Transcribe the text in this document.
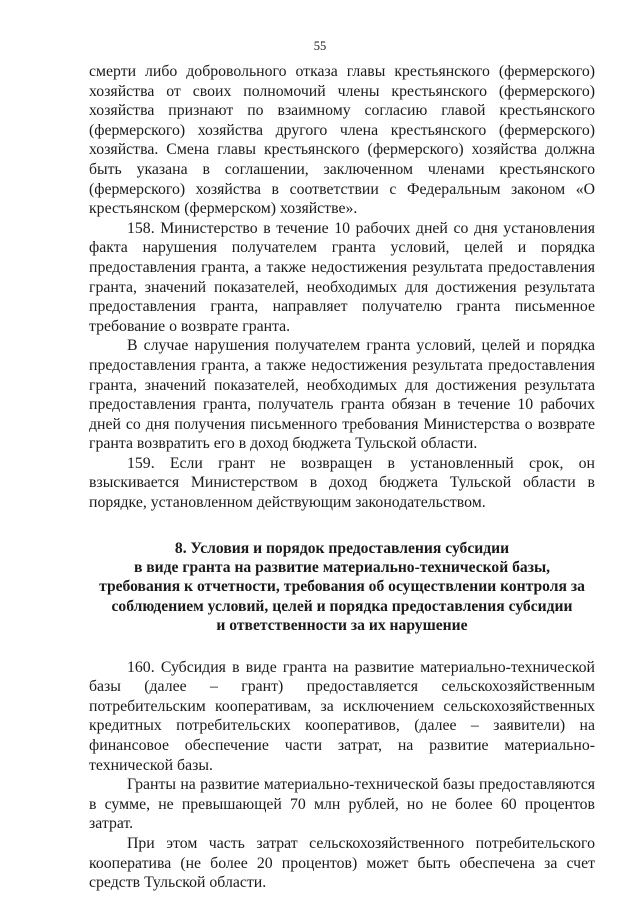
55

смерти либо добровольного отказа главы крестьянского (фермерского) хозяйства от своих полномочий члены крестьянского (фермерского) хозяйства признают по взаимному согласию главой крестьянского (фермерского) хозяйства другого члена крестьянского (фермерского) хозяйства. Смена главы крестьянского (фермерского) хозяйства должна быть указана в соглашении, заключенном членами крестьянского (фермерского) хозяйства в соответствии с Федеральным законом «О крестьянском (фермерском) хозяйстве».

158. Министерство в течение 10 рабочих дней со дня установления факта нарушения получателем гранта условий, целей и порядка предоставления гранта, а также недостижения результата предоставления гранта, значений показателей, необходимых для достижения результата предоставления гранта, направляет получателю гранта письменное требование о возврате гранта.

В случае нарушения получателем гранта условий, целей и порядка предоставления гранта, а также недостижения результата предоставления гранта, значений показателей, необходимых для достижения результата предоставления гранта, получатель гранта обязан в течение 10 рабочих дней со дня получения письменного требования Министерства о возврате гранта возвратить его в доход бюджета Тульской области.

159. Если грант не возвращен в установленный срок, он взыскивается Министерством в доход бюджета Тульской области в порядке, установленном действующим законодательством.

8. Условия и порядок предоставления субсидии
в виде гранта на развитие материально-технической базы,
требования к отчетности, требования об осуществлении контроля за
соблюдением условий, целей и порядка предоставления субсидии
и ответственности за их нарушение

160. Субсидия в виде гранта на развитие материально-технической базы (далее – грант) предоставляется сельскохозяйственным потребительским кооперативам, за исключением сельскохозяйственных кредитных потребительских кооперативов, (далее – заявители) на финансовое обеспечение части затрат, на развитие материально-технической базы.

Гранты на развитие материально-технической базы предоставляются в сумме, не превышающей 70 млн рублей, но не более 60 процентов затрат.

При этом часть затрат сельскохозяйственного потребительского кооператива (не более 20 процентов) может быть обеспечена за счет средств Тульской области.
